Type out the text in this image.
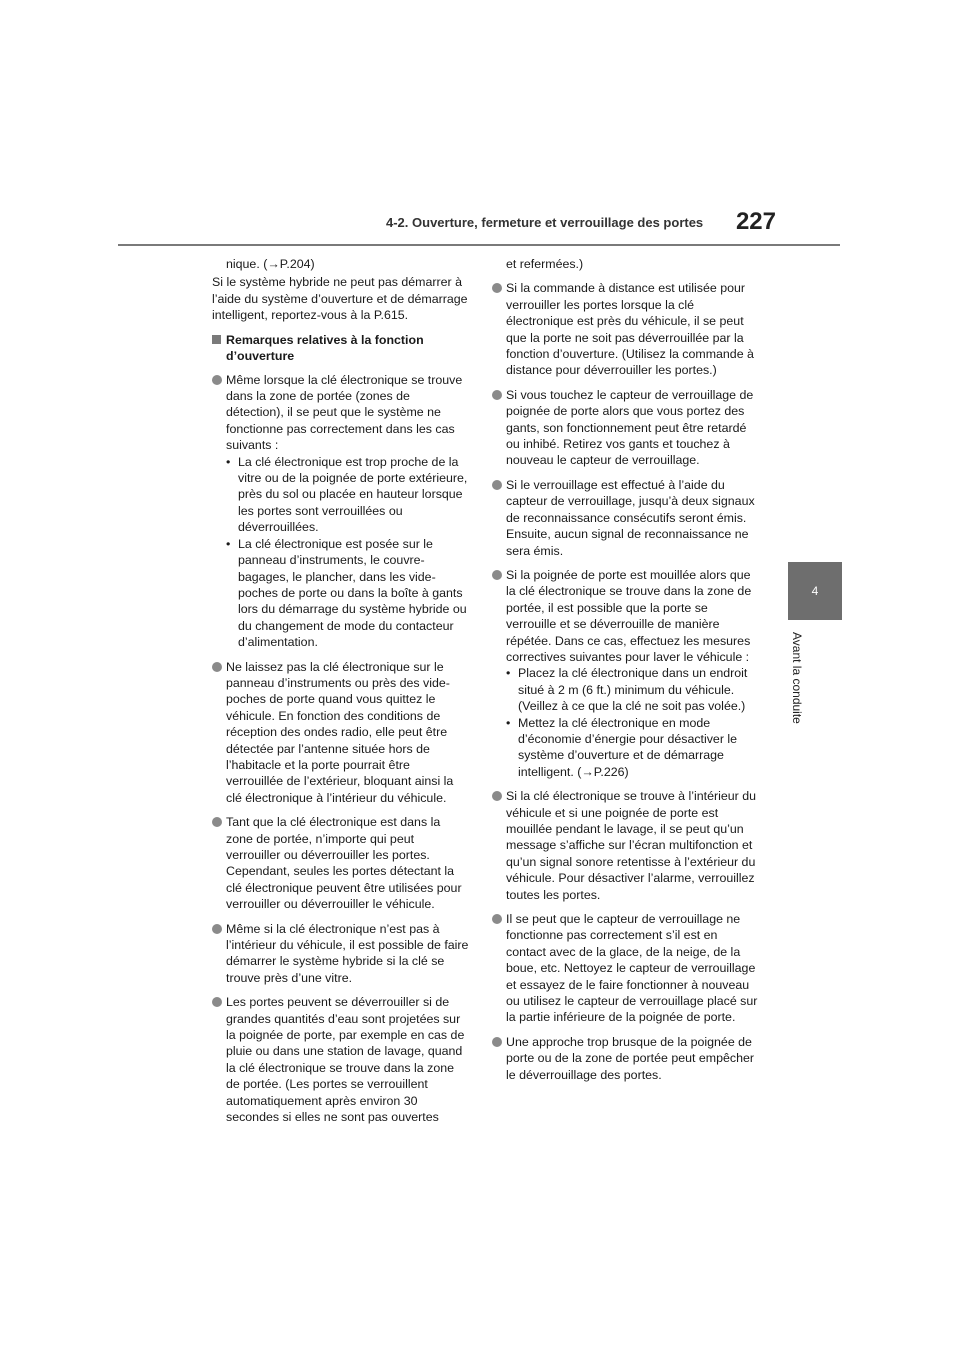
4-2. Ouverture, fermeture et verrouillage des portes 227
4
Avant la conduite

nique. (→P.204)

Si le système hybride ne peut pas démarrer à l’aide du système d’ouverture et de démarrage intelligent, reportez-vous à la P.615.

Remarques relatives à la fonction d’ouverture
Même lorsque la clé électronique se trouve dans la zone de portée (zones de détection), il se peut que le système ne fonctionne pas correctement dans les cas suivants :
• La clé électronique est trop proche de la vitre ou de la poignée de porte extérieure, près du sol ou placée en hauteur lorsque les portes sont verrouillées ou déverrouillées.
• La clé électronique est posée sur le panneau d’instruments, le couvre-bagages, le plancher, dans les vide-poches de porte ou dans la boîte à gants lors du démarrage du système hybride ou du changement de mode du contacteur d’alimentation.
Ne laissez pas la clé électronique sur le panneau d’instruments ou près des vide-poches de porte quand vous quittez le véhicule. En fonction des conditions de réception des ondes radio, elle peut être détectée par l’antenne située hors de l’habitacle et la porte pourrait être verrouillée de l’extérieur, bloquant ainsi la clé électronique à l’intérieur du véhicule.
Tant que la clé électronique est dans la zone de portée, n’importe qui peut verrouiller ou déverrouiller les portes. Cependant, seules les portes détectant la clé électronique peuvent être utilisées pour verrouiller ou déverrouiller le véhicule.
Même si la clé électronique n’est pas à l’intérieur du véhicule, il est possible de faire démarrer le système hybride si la clé se trouve près d’une vitre.
Les portes peuvent se déverrouiller si de grandes quantités d’eau sont projetées sur la poignée de porte, par exemple en cas de pluie ou dans une station de lavage, quand la clé électronique se trouve dans la zone de portée. (Les portes se verrouillent automatiquement après environ 30 secondes si elles ne sont pas ouvertes

et refermées.)

Si la commande à distance est utilisée pour verrouiller les portes lorsque la clé électronique est près du véhicule, il se peut que la porte ne soit pas déverrouillée par la fonction d’ouverture. (Utilisez la commande à distance pour déverrouiller les portes.)
Si vous touchez le capteur de verrouillage de poignée de porte alors que vous portez des gants, son fonctionnement peut être retardé ou inhibé. Retirez vos gants et touchez à nouveau le capteur de verrouillage.
Si le verrouillage est effectué à l’aide du capteur de verrouillage, jusqu’à deux signaux de reconnaissance consécutifs seront émis. Ensuite, aucun signal de reconnaissance ne sera émis.
Si la poignée de porte est mouillée alors que la clé électronique se trouve dans la zone de portée, il est possible que la porte se verrouille et se déverrouille de manière répétée. Dans ce cas, effectuez les mesures correctives suivantes pour laver le véhicule :
• Placez la clé électronique dans un endroit situé à 2 m (6 ft.) minimum du véhicule. (Veillez à ce que la clé ne soit pas volée.)
• Mettez la clé électronique en mode d’économie d’énergie pour désactiver le système d’ouverture et de démarrage intelligent. (→P.226)
Si la clé électronique se trouve à l’intérieur du véhicule et si une poignée de porte est mouillée pendant le lavage, il se peut qu’un message s’affiche sur l’écran multifonction et qu’un signal sonore retentisse à l’extérieur du véhicule. Pour désactiver l’alarme, verrouillez toutes les portes.
Il se peut que le capteur de verrouillage ne fonctionne pas correctement s’il est en contact avec de la glace, de la neige, de la boue, etc. Nettoyez le capteur de verrouillage et essayez de le faire fonctionner à nouveau ou utilisez le capteur de verrouillage placé sur la partie inférieure de la poignée de porte.
Une approche trop brusque de la poignée de porte ou de la zone de portée peut empêcher le déverrouillage des portes.
